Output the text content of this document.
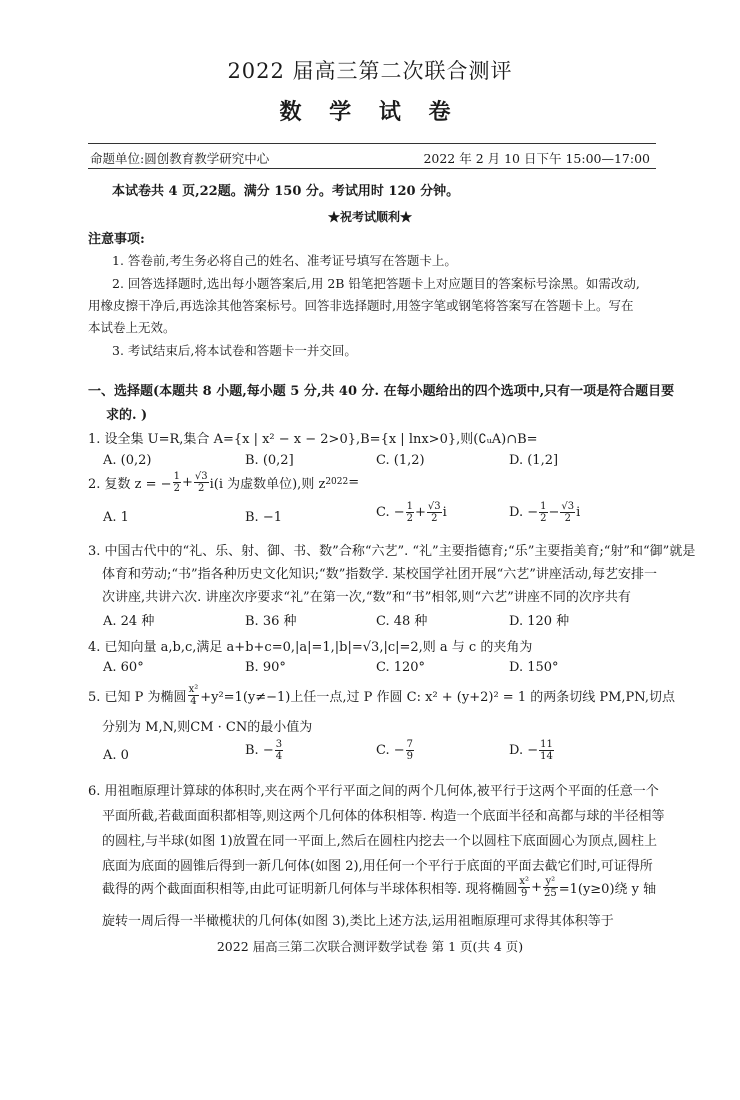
2022 届高三第二次联合测评
数 学 试 卷
命题单位:圆创教育教学研究中心	2022 年 2 月 10 日下午 15:00—17:00
本试卷共 4 页,22题。满分 150 分。考试用时 120 分钟。
★祝考试顺利★
注意事项:
1. 答卷前,考生务必将自己的姓名、准考证号填写在答题卡上。
2. 回答选择题时,选出每小题答案后,用 2B 铅笔把答题卡上对应题目的答案标号涂黑。如需改动,
用橡皮擦干净后,再选涂其他答案标号。回答非选择题时,用签字笔或钢笔将答案写在答题卡上。写在
本试卷上无效。
3. 考试结束后,将本试卷和答题卡一并交回。
一、选择题(本题共 8 小题,每小题 5 分,共 40 分. 在每小题给出的四个选项中,只有一项是符合题目要
求的. )
1. 设全集 U=R,集合 A={x | x² − x − 2>0},B={x | lnx>0},则(∁ᵤA)∩B=
A. (0,2)	B. (0,2]	C. (1,2)	D. (1,2]
2. 复数 z = − $\frac{1}{2} + \frac{√3}{2} i(i$ 为虚数单位),则 z 2022 =
A. 1	B. −1	C. − $\frac{1}{2} + \frac{√3}{2}$ i	D. − $\frac{1}{2} - \frac{√3}{2}$ i
3. 中国古代中的“礼、乐、射、御、书、数”合称“六艺”. “礼”主要指德育;“乐”主要指美育;“射”和“御”就是
体育和劳动;“书”指各种历史文化知识;“数”指数学. 某校国学社团开展“六艺”讲座活动,每艺安排一
次讲座,共讲六次. 讲座次序要求“礼”在第一次,“数”和“书”相邻,则“六艺”讲座不同的次序共有
A. 24 种	B. 36 种	C. 48 种	D. 120 种
4. 已知向量 a,b,c,满足 a+b+c=0,|a|=1,|b|=√3,|c|=2,则 a 与 c 的夹角为
A. 60°	B. 90°	C. 120°	D. 150°
5. 已知 P 为椭圆 $\frac{\text{x²}}{4} +y^2=1(y\ne-1)$上任一点,过 P 作圆 C: x² + (y+2)² = 1 的两条切线 PM,PN,切点
分别为 M,N,则CM · CN的最小值为
A. 0	B. − $\frac{3}{4}$	C. − $\frac{7}{9}$	D. − $\frac{11}{14}$
6. 用祖暅原理计算球的体积时,夹在两个平行平面之间的两个几何体,被平行于这两个平面的任意一个
平面所截,若截面面积都相等,则这两个几何体的体积相等. 构造一个底面半径和高都与球的半径相等
的圆柱,与半球(如图 1)放置在同一平面上,然后在圆柱内挖去一个以圆柱下底面圆心为顶点,圆柱上
底面为底面的圆锥后得到一新几何体(如图 2),用任何一个平行于底面的平面去截它们时,可证得所
截得的两个截面面积相等,由此可证明新几何体与半球体积相等. 现将椭圆 $\frac{\text{x²}}{9} + \frac{\text{y²}}{25} =1(y\ge 0)$绕 y 轴
旋转一周后得一半橄榄状的几何体(如图 3),类比上述方法,运用祖暅原理可求得其体积等于
2022 届高三第二次联合测评数学试卷 第 1 页(共 4 页)
